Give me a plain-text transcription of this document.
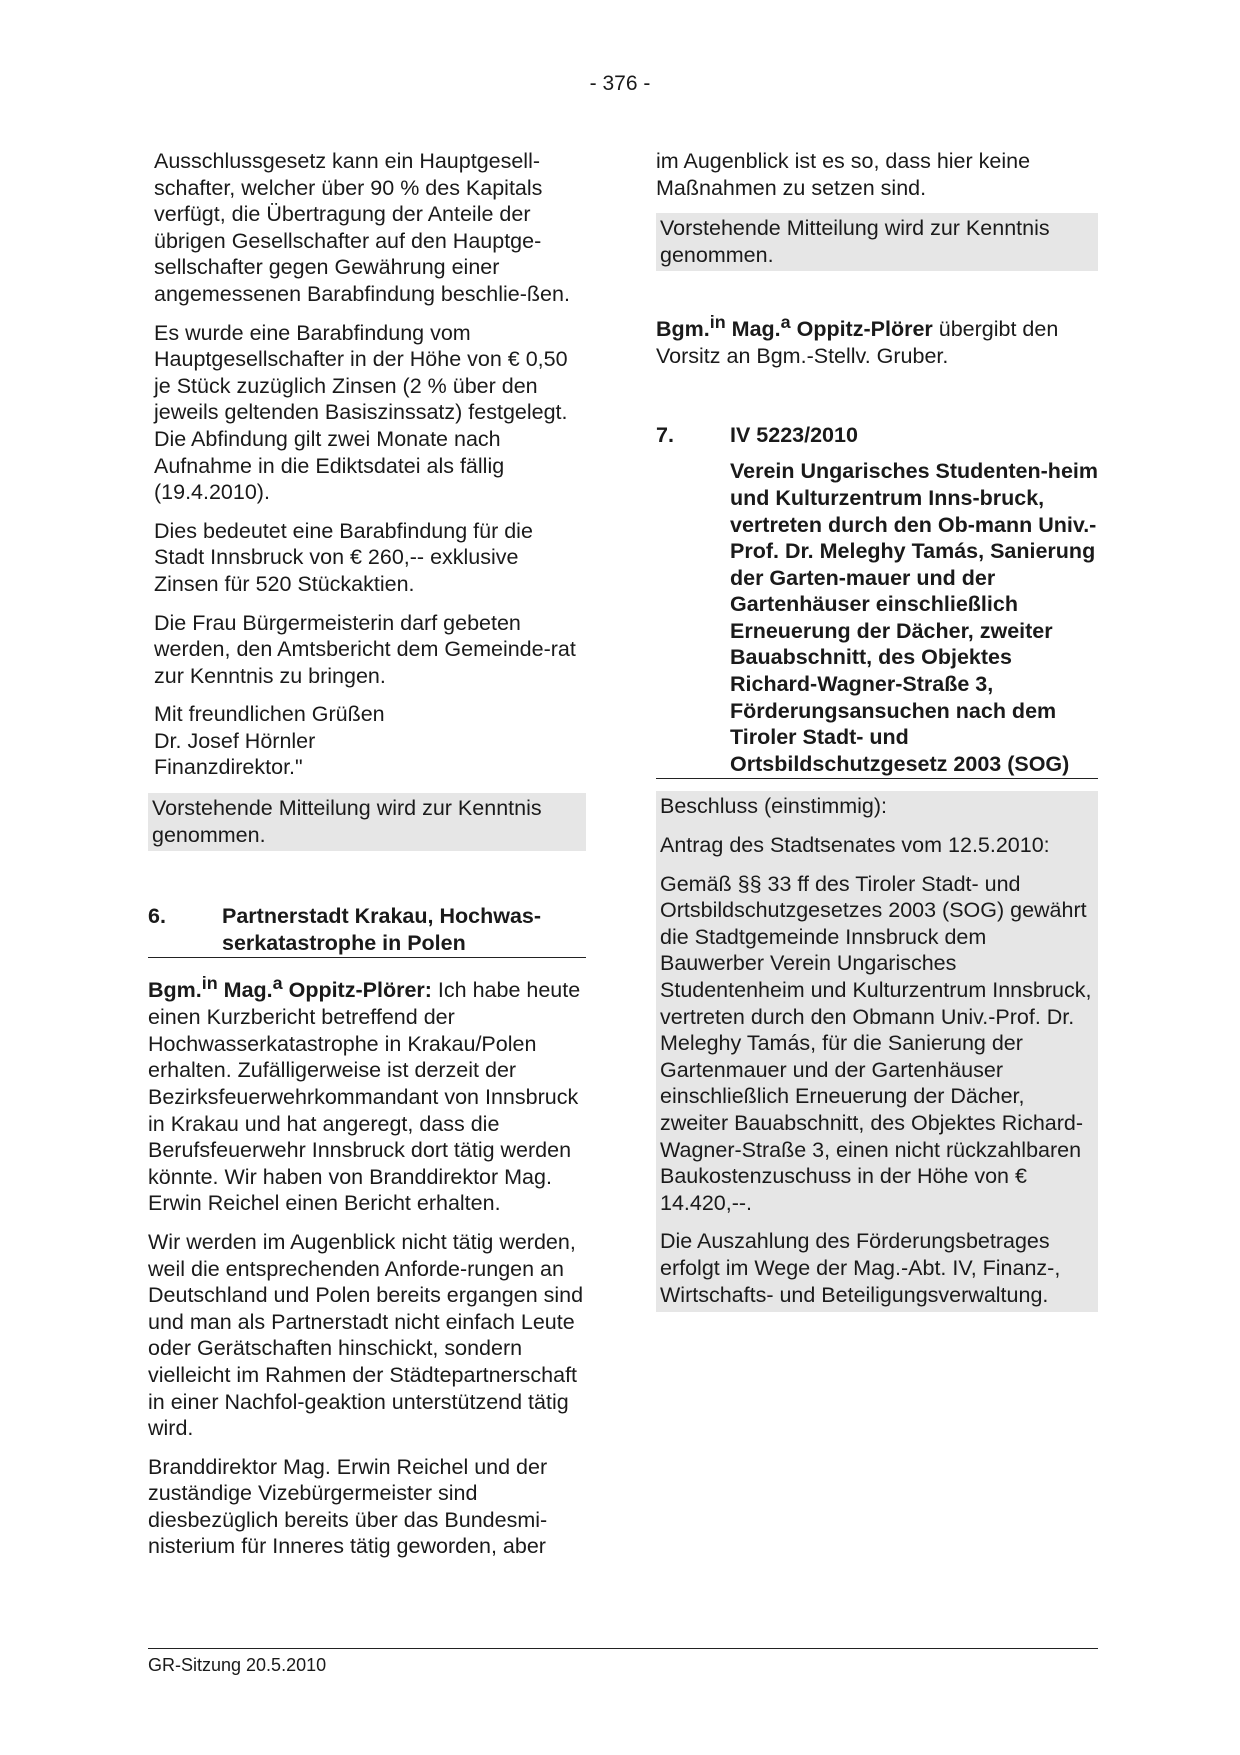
- 376 -

Ausschlussgesetz kann ein Hauptgesell-schafter, welcher über 90 % des Kapitals verfügt, die Übertragung der Anteile der übrigen Gesellschafter auf den Hauptge-sellschafter gegen Gewährung einer angemessenen Barabfindung beschlie-ßen.

Es wurde eine Barabfindung vom Hauptgesellschafter in der Höhe von € 0,50 je Stück zuzüglich Zinsen (2 % über den jeweils geltenden Basiszinssatz) festgelegt. Die Abfindung gilt zwei Monate nach Aufnahme in die Ediktsdatei als fällig (19.4.2010).

Dies bedeutet eine Barabfindung für die Stadt Innsbruck von € 260,-- exklusive Zinsen für 520 Stückaktien.

Die Frau Bürgermeisterin darf gebeten werden, den Amtsbericht dem Gemeinde-rat zur Kenntnis zu bringen.

Mit freundlichen Grüßen
Dr. Josef Hörnler
Finanzdirektor."

Vorstehende Mitteilung wird zur Kenntnis genommen.
6.	Partnerstadt Krakau, Hochwas-serkatastrophe in Polen

Bgm.$^{in}$ Mag.$^a$ Oppitz-Plörer: Ich habe heute einen Kurzbericht betreffend der Hochwasserkatastrophe in Krakau/Polen erhalten. Zufälligerweise ist derzeit der Bezirksfeuerwehrkommandant von Innsbruck in Krakau und hat angeregt, dass die Berufsfeuerwehr Innsbruck dort tätig werden könnte. Wir haben von Branddirektor Mag. Erwin Reichel einen Bericht erhalten.

Wir werden im Augenblick nicht tätig werden, weil die entsprechenden Anforde-rungen an Deutschland und Polen bereits ergangen sind und man als Partnerstadt nicht einfach Leute oder Gerätschaften hinschickt, sondern vielleicht im Rahmen der Städtepartnerschaft in einer Nachfol-geaktion unterstützend tätig wird.

Branddirektor Mag. Erwin Reichel und der zuständige Vizebürgermeister sind diesbezüglich bereits über das Bundesmi-nisterium für Inneres tätig geworden, aber

im Augenblick ist es so, dass hier keine Maßnahmen zu setzen sind.

Vorstehende Mitteilung wird zur Kenntnis genommen.

Bgm.$^{in}$ Mag.$^a$ Oppitz-Plörer übergibt den Vorsitz an Bgm.-Stellv. Gruber.

7.	IV 5223/2010
Verein Ungarisches Studenten-heim und Kulturzentrum Inns-bruck, vertreten durch den Ob-mann Univ.-Prof. Dr. Meleghy Tamás, Sanierung der Garten-mauer und der Gartenhäuser einschließlich Erneuerung der Dächer, zweiter Bauabschnitt, des Objektes Richard-Wagner-Straße 3, Förderungsansuchen nach dem Tiroler Stadt- und Ortsbildschutzgesetz 2003 (SOG)

Beschluss (einstimmig):

Antrag des Stadtsenates vom 12.5.2010:

Gemäß §§ 33 ff des Tiroler Stadt- und Ortsbildschutzgesetzes 2003 (SOG) gewährt die Stadtgemeinde Innsbruck dem Bauwerber Verein Ungarisches Studentenheim und Kulturzentrum Innsbruck, vertreten durch den Obmann Univ.-Prof. Dr. Meleghy Tamás, für die Sanierung der Gartenmauer und der Gartenhäuser einschließlich Erneuerung der Dächer, zweiter Bauabschnitt, des Objektes Richard-Wagner-Straße 3, einen nicht rückzahlbaren Baukostenzuschuss in der Höhe von € 14.420,--.

Die Auszahlung des Förderungsbetrages erfolgt im Wege der Mag.-Abt. IV, Finanz-, Wirtschafts- und Beteiligungsverwaltung.

GR-Sitzung 20.5.2010
